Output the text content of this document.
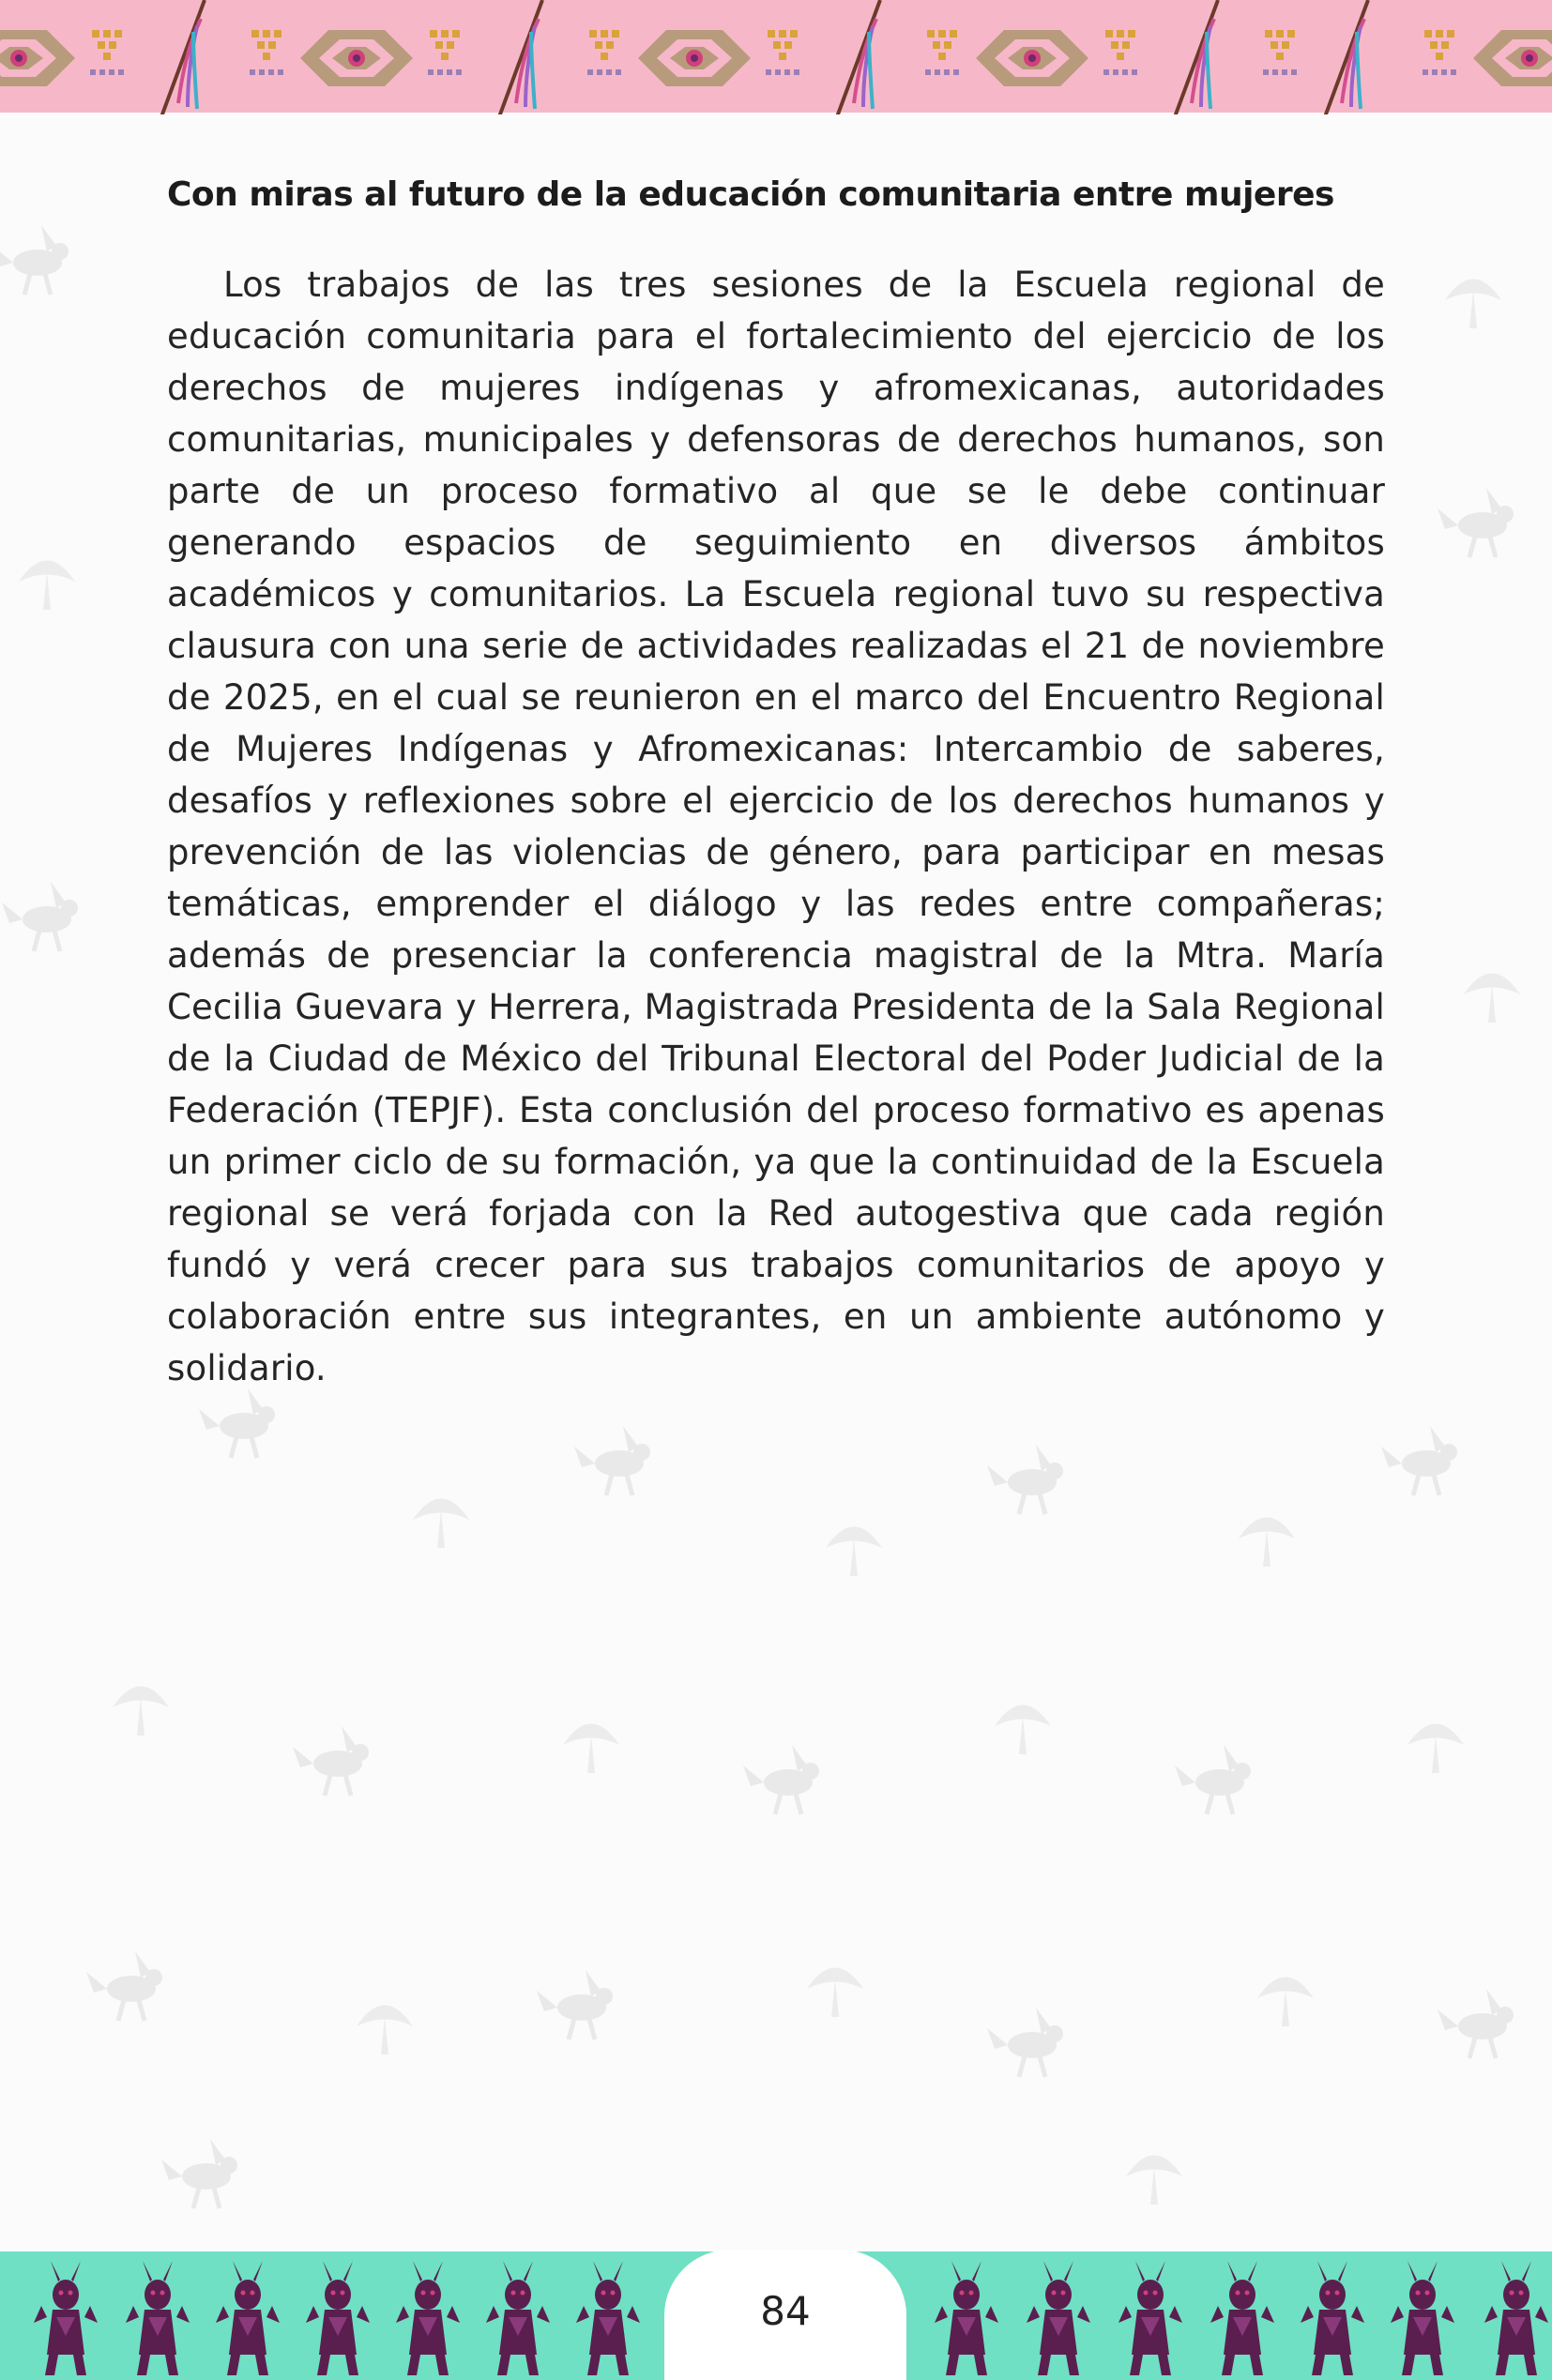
Con miras al futuro de la educación comunitaria entre mujeres

Los trabajos de las tres sesiones de la Escuela regional de educación comunitaria para el fortalecimiento del ejercicio de los derechos de mujeres indígenas y afromexicanas, autoridades comunitarias, municipales y defensoras de derechos humanos, son parte de un proceso formativo al que se le debe continuar generando espacios de seguimiento en diversos ámbitos académicos y comunitarios. La Escuela regional tuvo su respectiva clausura con una serie de actividades realizadas el 21 de noviembre de 2025, en el cual se reunieron en el marco del Encuentro Regional de Mujeres Indígenas y Afromexicanas: Intercambio de saberes, desafíos y reflexiones sobre el ejercicio de los derechos humanos y prevención de las violencias de género, para participar en mesas temáticas, emprender el diálogo y las redes entre compañeras; además de presenciar la conferencia magistral de la Mtra. María Cecilia Guevara y Herrera, Magistrada Presidenta de la Sala Regional de la Ciudad de México del Tribunal Electoral del Poder Judicial de la Federación (TEPJF). Esta conclusión del proceso formativo es apenas un primer ciclo de su formación, ya que la continuidad de la Escuela regional se verá forjada con la Red autogestiva que cada región fundó y verá crecer para sus trabajos comunitarios de apoyo y colaboración entre sus integrantes, en un ambiente autónomo y solidario.

84
